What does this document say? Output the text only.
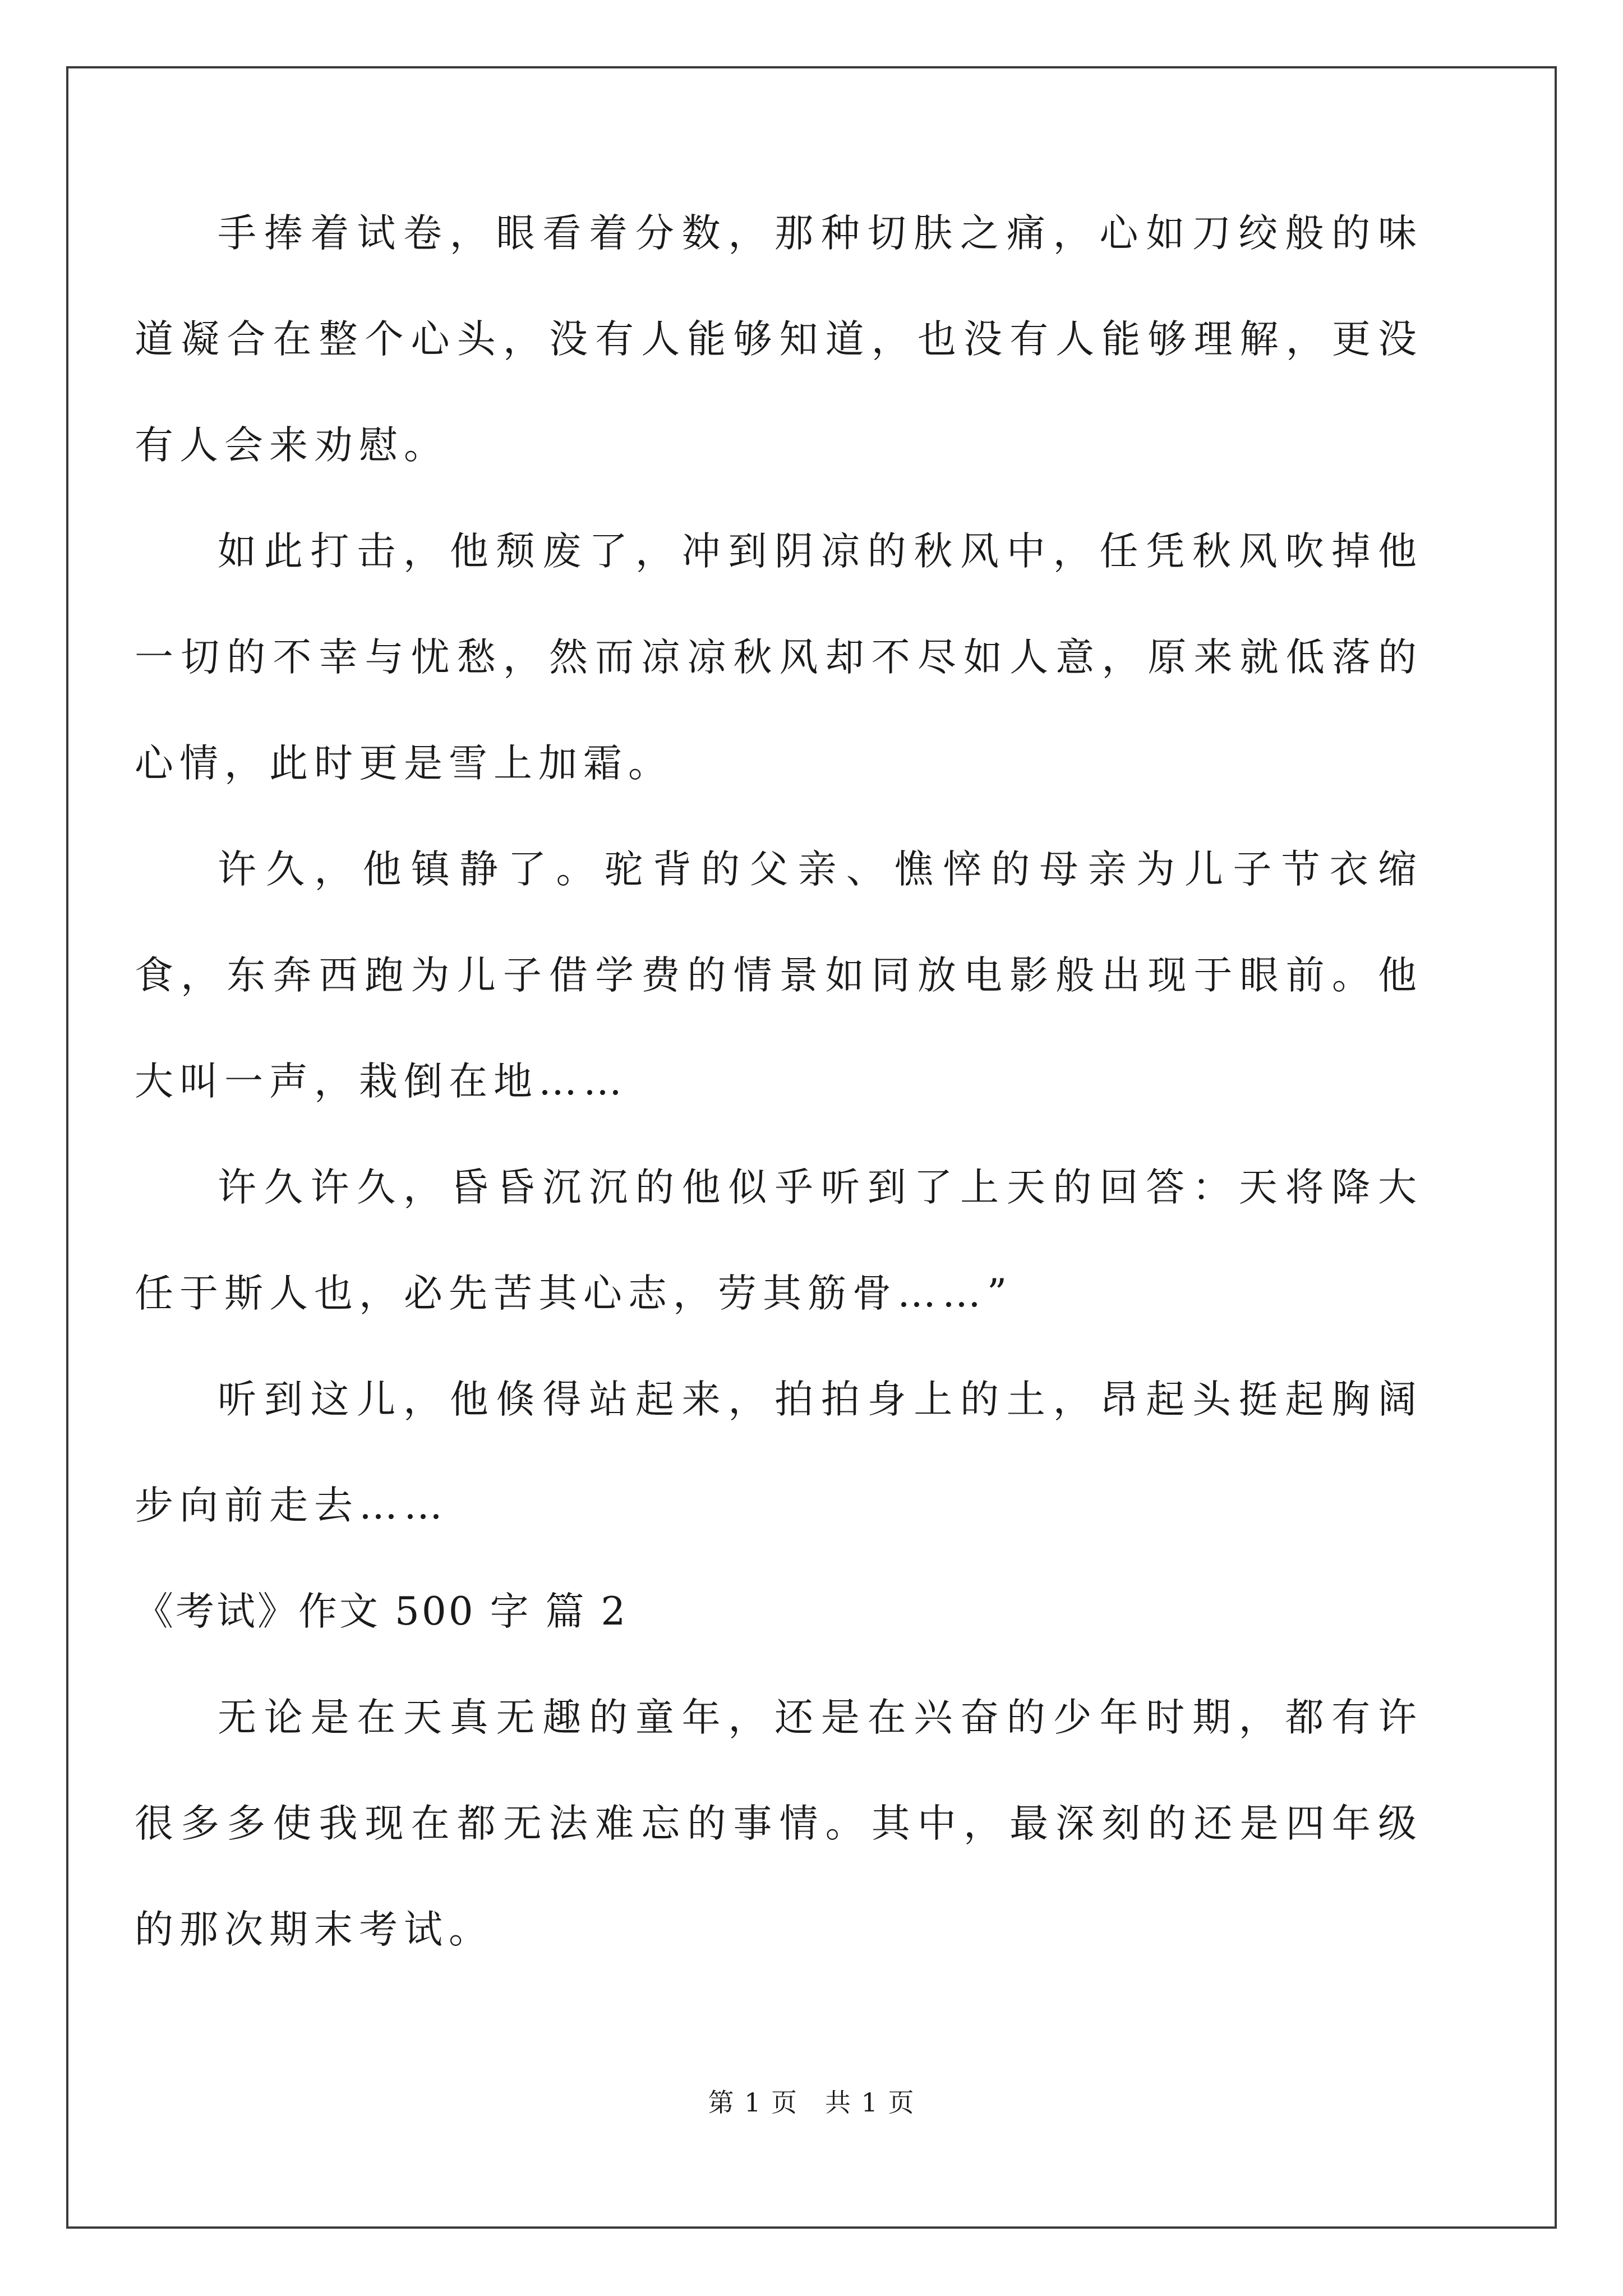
手捧着试卷，眼看着分数，那种切肤之痛，心如刀绞般的味道凝合在整个心头，没有人能够知道，也没有人能够理解，更没有人会来劝慰。

如此打击，他颓废了，冲到阴凉的秋风中，任凭秋风吹掉他一切的不幸与忧愁，然而凉凉秋风却不尽如人意，原来就低落的心情，此时更是雪上加霜。

许久，他镇静了。驼背的父亲、憔悴的母亲为儿子节衣缩食，东奔西跑为儿子借学费的情景如同放电影般出现于眼前。他大叫一声，栽倒在地……

许久许久，昏昏沉沉的他似乎听到了上天的回答：天将降大任于斯人也，必先苦其心志，劳其筋骨……”

听到这儿，他倏得站起来，拍拍身上的土，昂起头挺起胸阔步向前走去……

《考试》作文 500 字 篇 2

无论是在天真无趣的童年，还是在兴奋的少年时期，都有许很多多使我现在都无法难忘的事情。其中，最深刻的还是四年级的那次期末考试。

第 1 页 共 1 页
